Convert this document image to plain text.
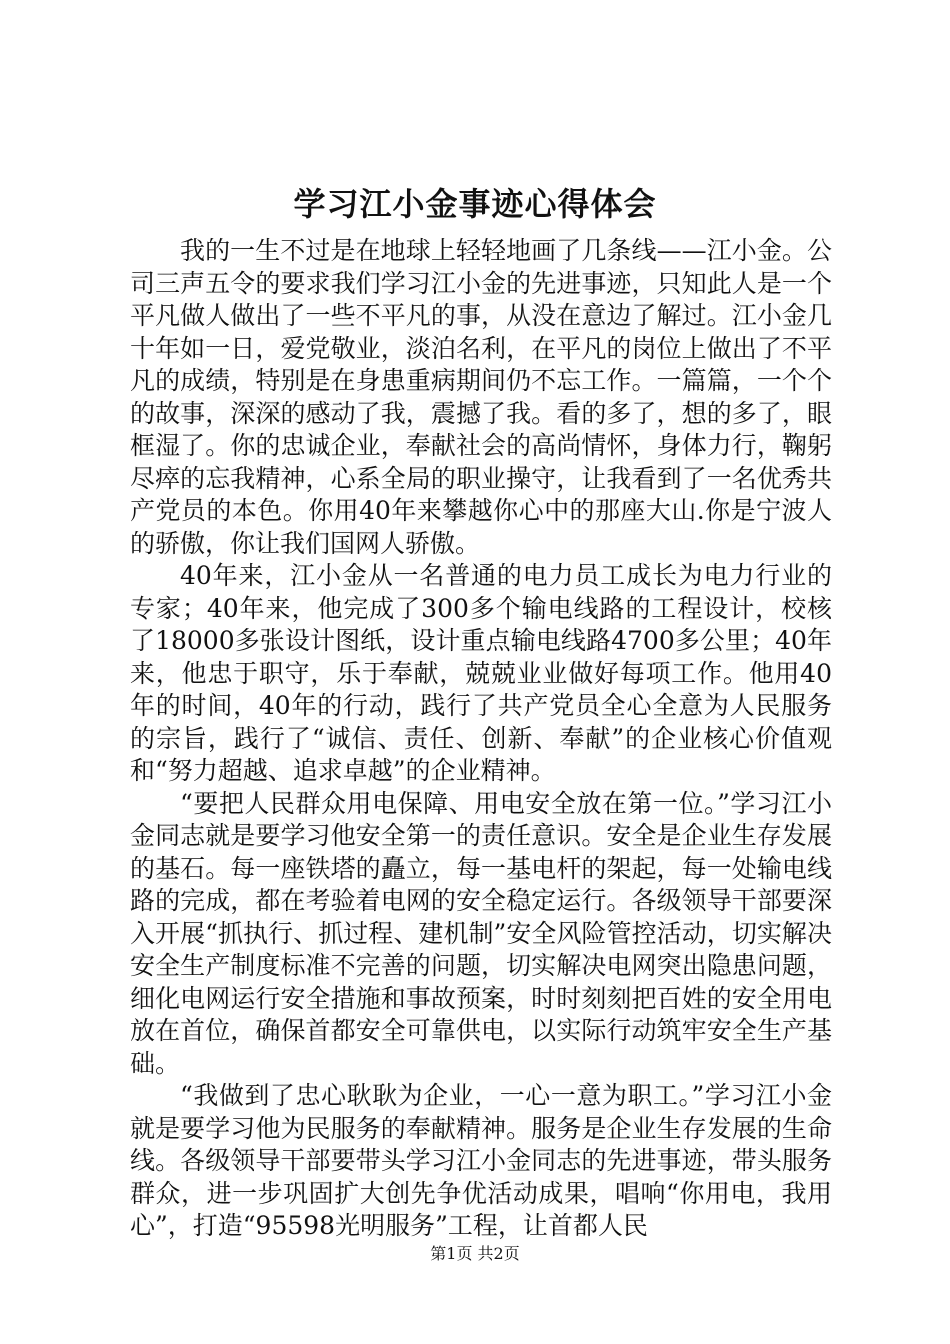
学习江小金事迹心得体会

我的一生不过是在地球上轻轻地画了几条线——江小金。公司三声五令的要求我们学习江小金的先进事迹，只知此人是一个平凡做人做出了一些不平凡的事，从没在意边了解过。江小金几十年如一日，爱党敬业，淡泊名利，在平凡的岗位上做出了不平凡的成绩，特别是在身患重病期间仍不忘工作。一篇篇，一个个的故事，深深的感动了我，震撼了我。看的多了，想的多了，眼框湿了。你的忠诚企业，奉献社会的高尚情怀，身体力行，鞠躬尽瘁的忘我精神，心系全局的职业操守，让我看到了一名优秀共产党员的本色。你用40年来攀越你心中的那座大山.你是宁波人的骄傲，你让我们国网人骄傲。

40年来，江小金从一名普通的电力员工成长为电力行业的专家；40年来，他完成了300多个输电线路的工程设计，校核了18000多张设计图纸，设计重点输电线路4700多公里；40年来，他忠于职守，乐于奉献，兢兢业业做好每项工作。他用40年的时间，40年的行动，践行了共产党员全心全意为人民服务的宗旨，践行了“诚信、责任、创新、奉献”的企业核心价值观和“努力超越、追求卓越”的企业精神。

“要把人民群众用电保障、用电安全放在第一位。”学习江小金同志就是要学习他安全第一的责任意识。安全是企业生存发展的基石。每一座铁塔的矗立，每一基电杆的架起，每一处输电线路的完成，都在考验着电网的安全稳定运行。各级领导干部要深入开展“抓执行、抓过程、建机制”安全风险管控活动，切实解决安全生产制度标准不完善的问题，切实解决电网突出隐患问题，细化电网运行安全措施和事故预案，时时刻刻把百姓的安全用电放在首位，确保首都安全可靠供电，以实际行动筑牢安全生产基础。

“我做到了忠心耿耿为企业，一心一意为职工。”学习江小金就是要学习他为民服务的奉献精神。服务是企业生存发展的生命线。各级领导干部要带头学习江小金同志的先进事迹，带头服务群众，进一步巩固扩大创先争优活动成果，唱响“你用电，我用心”，打造“95598光明服务”工程，让首都人民

第1页 共2页
